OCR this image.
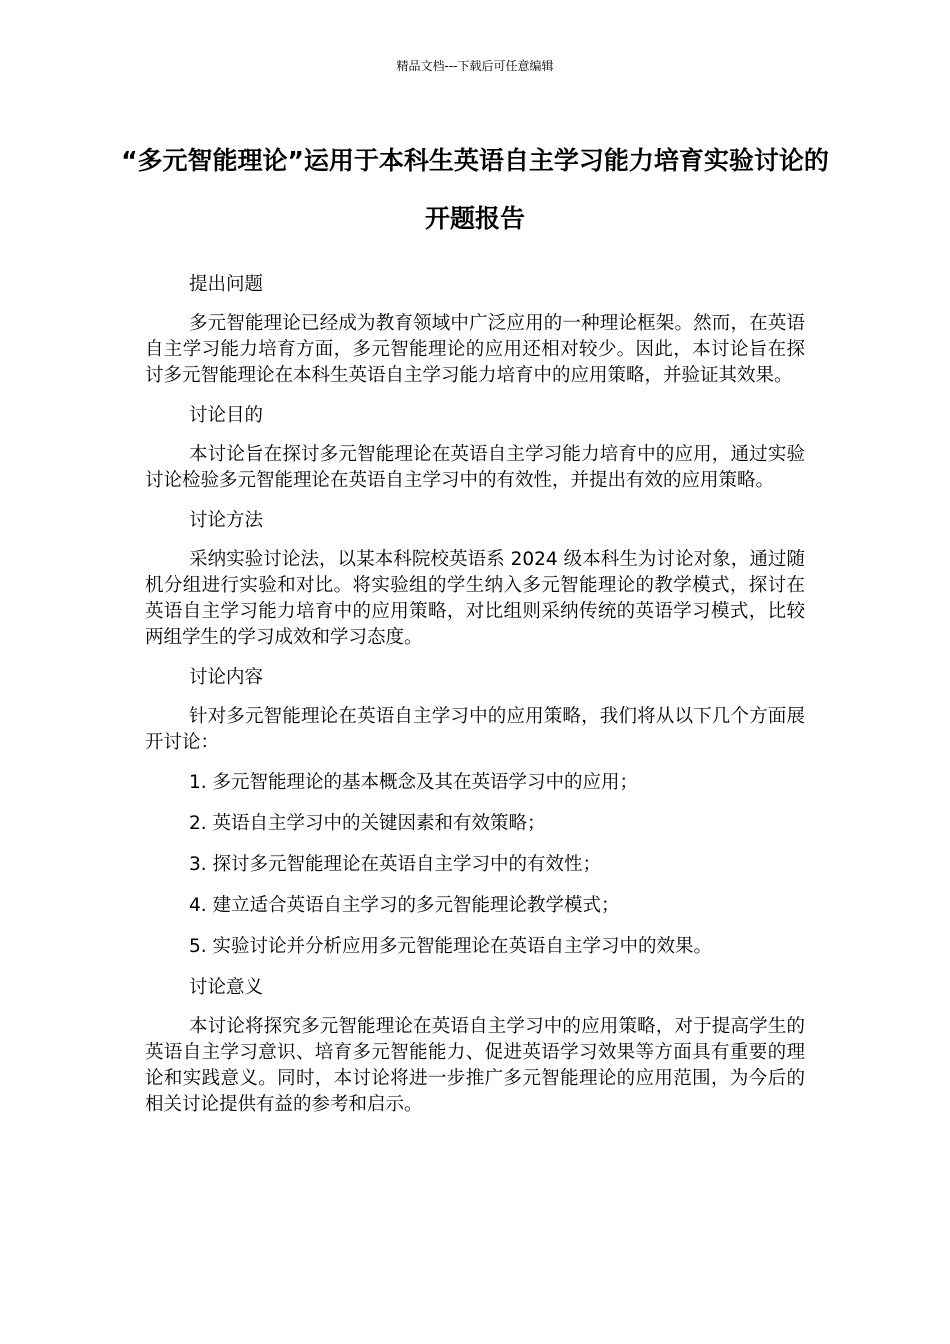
精品文档---下载后可任意编辑
“多元智能理论”运用于本科生英语自主学习能力培育实验讨论的开题报告
提出问题
多元智能理论已经成为教育领域中广泛应用的一种理论框架。然而，在英语自主学习能力培育方面，多元智能理论的应用还相对较少。因此，本讨论旨在探讨多元智能理论在本科生英语自主学习能力培育中的应用策略，并验证其效果。
讨论目的
本讨论旨在探讨多元智能理论在英语自主学习能力培育中的应用，通过实验讨论检验多元智能理论在英语自主学习中的有效性，并提出有效的应用策略。
讨论方法
采纳实验讨论法，以某本科院校英语系 2024 级本科生为讨论对象，通过随机分组进行实验和对比。将实验组的学生纳入多元智能理论的教学模式，探讨在英语自主学习能力培育中的应用策略，对比组则采纳传统的英语学习模式，比较两组学生的学习成效和学习态度。
讨论内容
针对多元智能理论在英语自主学习中的应用策略，我们将从以下几个方面展开讨论：
1. 多元智能理论的基本概念及其在英语学习中的应用；
2. 英语自主学习中的关键因素和有效策略；
3. 探讨多元智能理论在英语自主学习中的有效性；
4. 建立适合英语自主学习的多元智能理论教学模式；
5. 实验讨论并分析应用多元智能理论在英语自主学习中的效果。
讨论意义
本讨论将探究多元智能理论在英语自主学习中的应用策略，对于提高学生的英语自主学习意识、培育多元智能能力、促进英语学习效果等方面具有重要的理论和实践意义。同时，本讨论将进一步推广多元智能理论的应用范围，为今后的相关讨论提供有益的参考和启示。
